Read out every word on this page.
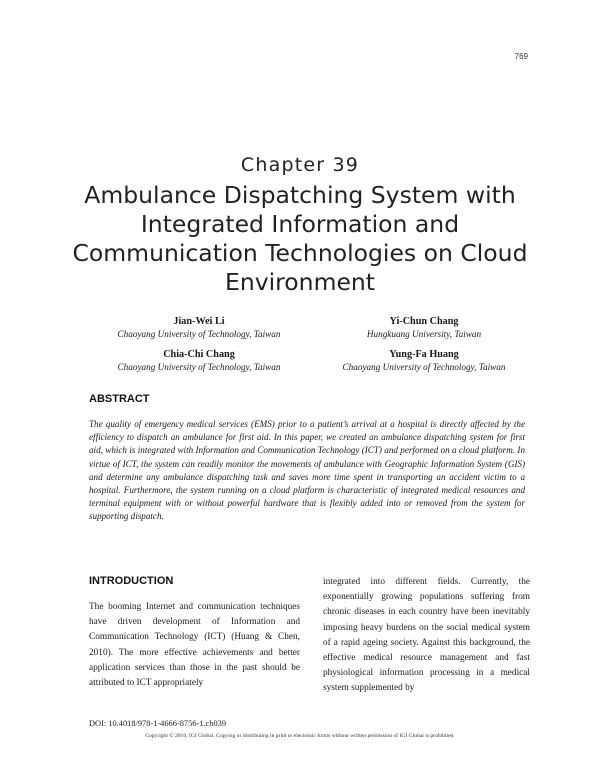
769
Chapter 39
Ambulance Dispatching System with Integrated Information and Communication Technologies on Cloud Environment
Jian-Wei Li
Chaoyang University of Technology, Taiwan
Yi-Chun Chang
Hungkuang University, Taiwan
Chia-Chi Chang
Chaoyang University of Technology, Taiwan
Yung-Fa Huang
Chaoyang University of Technology, Taiwan
ABSTRACT
The quality of emergency medical services (EMS) prior to a patient’s arrival at a hospital is directly affected by the efficiency to dispatch an ambulance for first aid. In this paper, we created an ambulance dispatching system for first aid, which is integrated with Information and Communication Technology (ICT) and performed on a cloud platform. In virtue of ICT, the system can readily monitor the movements of ambulance with Geographic Information System (GIS) and determine any ambulance dispatching task and saves more time spent in transporting an accident victim to a hospital. Furthermore, the system running on a cloud platform is characteristic of integrated medical resources and terminal equipment with or without powerful hardware that is flexibly added into or removed from the system for supporting dispatch.
INTRODUCTION
The booming Internet and communication techniques have driven development of Information and Communication Technology (ICT) (Huang & Chen, 2010). The more effective achievements and better application services than those in the past should be attributed to ICT appropriately
integrated into different fields. Currently, the exponentially growing populations suffering from chronic diseases in each country have been inevitably imposing heavy burdens on the social medical system of a rapid ageing society. Against this background, the effective medical resource management and fast physiological information processing in a medical system supplemented by
DOI: 10.4018/978-1-4666-8756-1.ch039
Copyright © 2016, IGI Global. Copying or distributing in print or electronic forms without written permission of IGI Global is prohibited.
